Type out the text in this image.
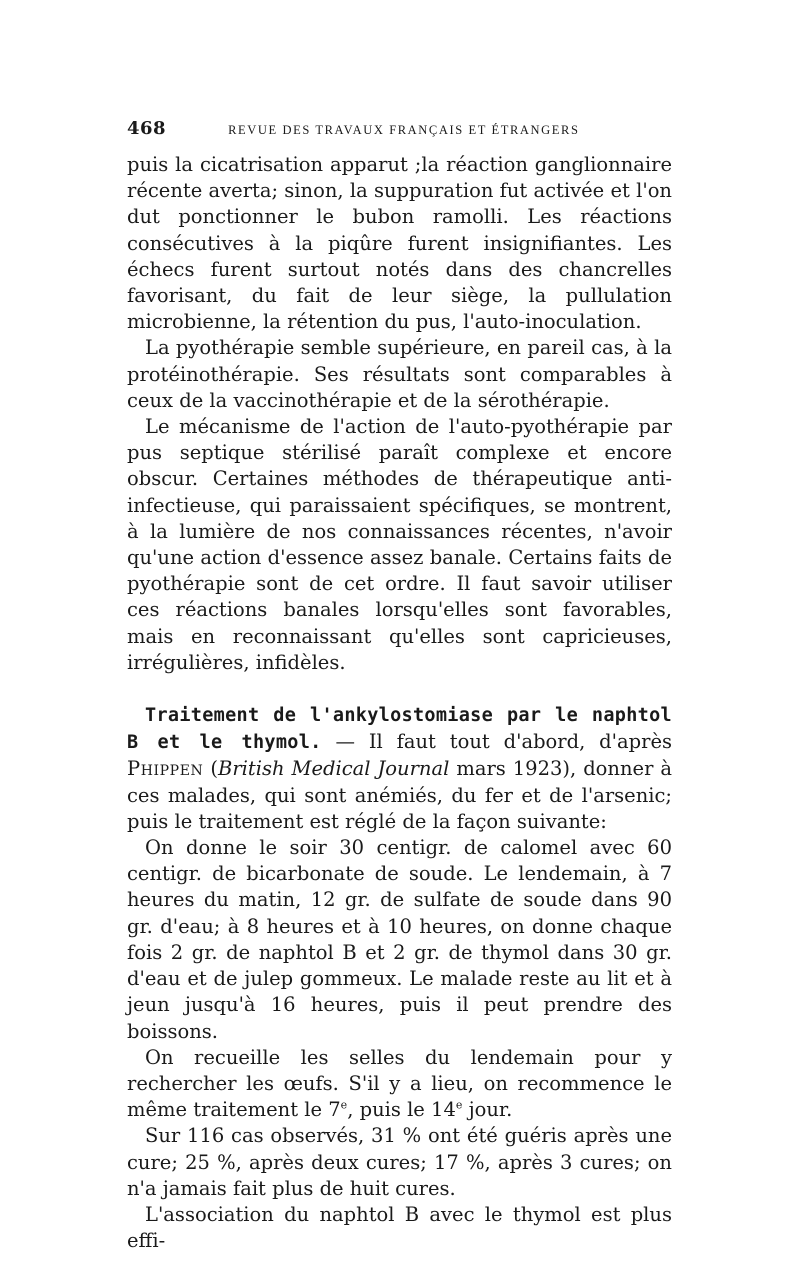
468	REVUE DES TRAVAUX FRANÇAIS ET ÉTRANGERS

puis la cicatrisation apparut ;la réaction ganglionnaire récente averta; sinon, la suppuration fut activée et l'on dut ponctionner le bubon ramolli. Les réactions consécutives à la piqûre furent insignifiantes. Les échecs furent surtout notés dans des chancrelles favorisant, du fait de leur siège, la pullulation microbienne, la rétention du pus, l'auto-inoculation.

La pyothérapie semble supérieure, en pareil cas, à la protéinothérapie. Ses résultats sont comparables à ceux de la vaccinothérapie et de la sérothérapie.

Le mécanisme de l'action de l'auto-pyothérapie par pus septique stérilisé paraît complexe et encore obscur. Certaines méthodes de thérapeutique anti-infectieuse, qui paraissaient spécifiques, se montrent, à la lumière de nos connaissances récentes, n'avoir qu'une action d'essence assez banale. Certains faits de pyothérapie sont de cet ordre. Il faut savoir utiliser ces réactions banales lorsqu'elles sont favorables, mais en reconnaissant qu'elles sont capricieuses, irrégulières, infidèles.

Traitement de l'ankylostomiase par le naphtol B et le thymol. — Il faut tout d'abord, d'après Phippen (British Medical Journal mars 1923), donner à ces malades, qui sont anémiés, du fer et de l'arsenic; puis le traitement est réglé de la façon suivante:

On donne le soir 30 centigr. de calomel avec 60 centigr. de bicarbonate de soude. Le lendemain, à 7 heures du matin, 12 gr. de sulfate de soude dans 90 gr. d'eau; à 8 heures et à 10 heures, on donne chaque fois 2 gr. de naphtol B et 2 gr. de thymol dans 30 gr. d'eau et de julep gommeux. Le malade reste au lit et à jeun jusqu'à 16 heures, puis il peut prendre des boissons.

On recueille les selles du lendemain pour y rechercher les œufs. S'il y a lieu, on recommence le même traitement le 7e, puis le 14e jour.

Sur 116 cas observés, 31 % ont été guéris après une cure; 25 %, après deux cures; 17 %, après 3 cures; on n'a jamais fait plus de huit cures.

L'association du naphtol B avec le thymol est plus effi-
